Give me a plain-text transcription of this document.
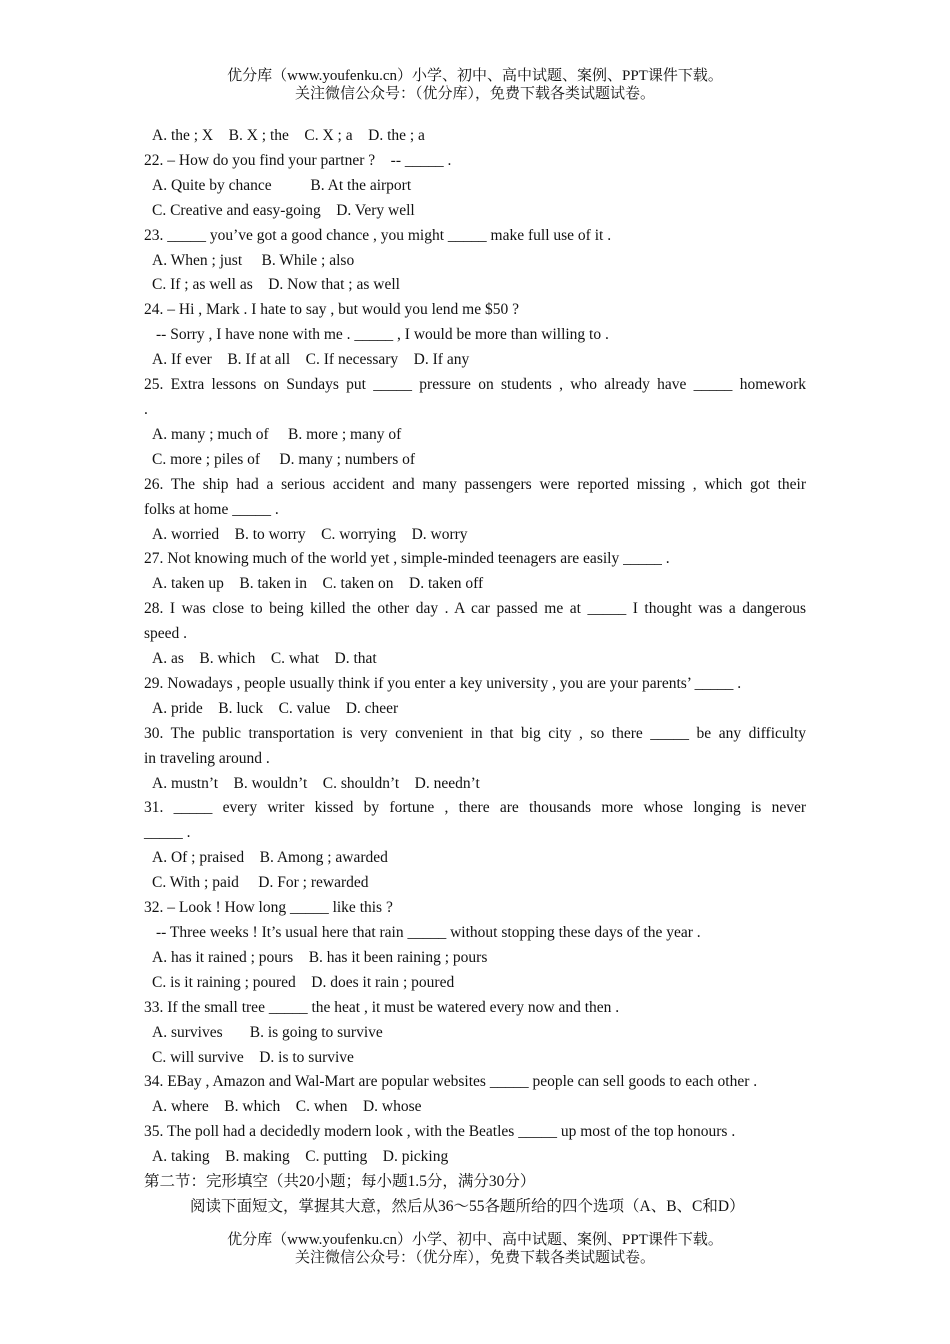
优分库（www.youfenku.cn）小学、初中、高中试题、案例、PPT课件下载。
关注微信公众号：（优分库），免费下载各类试题试卷。
A. the ; X    B. X ; the    C. X ; a    D. the ; a
22. – How do you find your partner ?    -- _____ .
A. Quite by chance          B. At the airport
C. Creative and easy-going    D. Very well
23. _____ you’ve got a good chance , you might _____ make full use of it .
A. When ; just     B. While ; also
C. If ; as well as    D. Now that ; as well
24. – Hi , Mark . I hate to say , but would you lend me $50 ?
-- Sorry , I have none with me . _____ , I would be more than willing to .
A. If ever    B. If at all    C. If necessary    D. If any
25. Extra lessons on Sundays put _____ pressure on students , who already have _____ homework
.
A. many ; much of     B. more ; many of
C. more ; piles of     D. many ; numbers of
26. The ship had a serious accident and many passengers were reported missing , which got their
folks at home _____ .
A. worried    B. to worry    C. worrying    D. worry
27. Not knowing much of the world yet , simple-minded teenagers are easily _____ .
A. taken up    B. taken in    C. taken on    D. taken off
28. I was close to being killed the other day . A car passed me at _____ I thought was a dangerous
speed .
A. as    B. which    C. what    D. that
29. Nowadays , people usually think if you enter a key university , you are your parents’ _____ .
A. pride    B. luck    C. value    D. cheer
30. The public transportation is very convenient in that big city , so there _____ be any difficulty
in traveling around .
A. mustn’t    B. wouldn’t    C. shouldn’t    D. needn’t
31. _____ every writer kissed by fortune , there are thousands more whose longing is never
_____ .
A. Of ; praised    B. Among ; awarded
C. With ; paid     D. For ; rewarded
32. – Look ! How long _____ like this ?
-- Three weeks ! It’s usual here that rain _____ without stopping these days of the year .
A. has it rained ; pours    B. has it been raining ; pours
C. is it raining ; poured    D. does it rain ; poured
33. If the small tree _____ the heat , it must be watered every now and then .
A. survives       B. is going to survive
C. will survive    D. is to survive
34. EBay , Amazon and Wal-Mart are popular websites _____ people can sell goods to each other .
A. where    B. which    C. when    D. whose
35. The poll had a decidedly modern look , with the Beatles _____ up most of the top honours .
A. taking    B. making    C. putting    D. picking
第二节：完形填空（共20小题；每小题1.5分，满分30分）
阅读下面短文，掌握其大意，然后从36～55各题所给的四个选项（A、B、C和D）
优分库（www.youfenku.cn）小学、初中、高中试题、案例、PPT课件下载。
关注微信公众号：（优分库），免费下载各类试题试卷。
